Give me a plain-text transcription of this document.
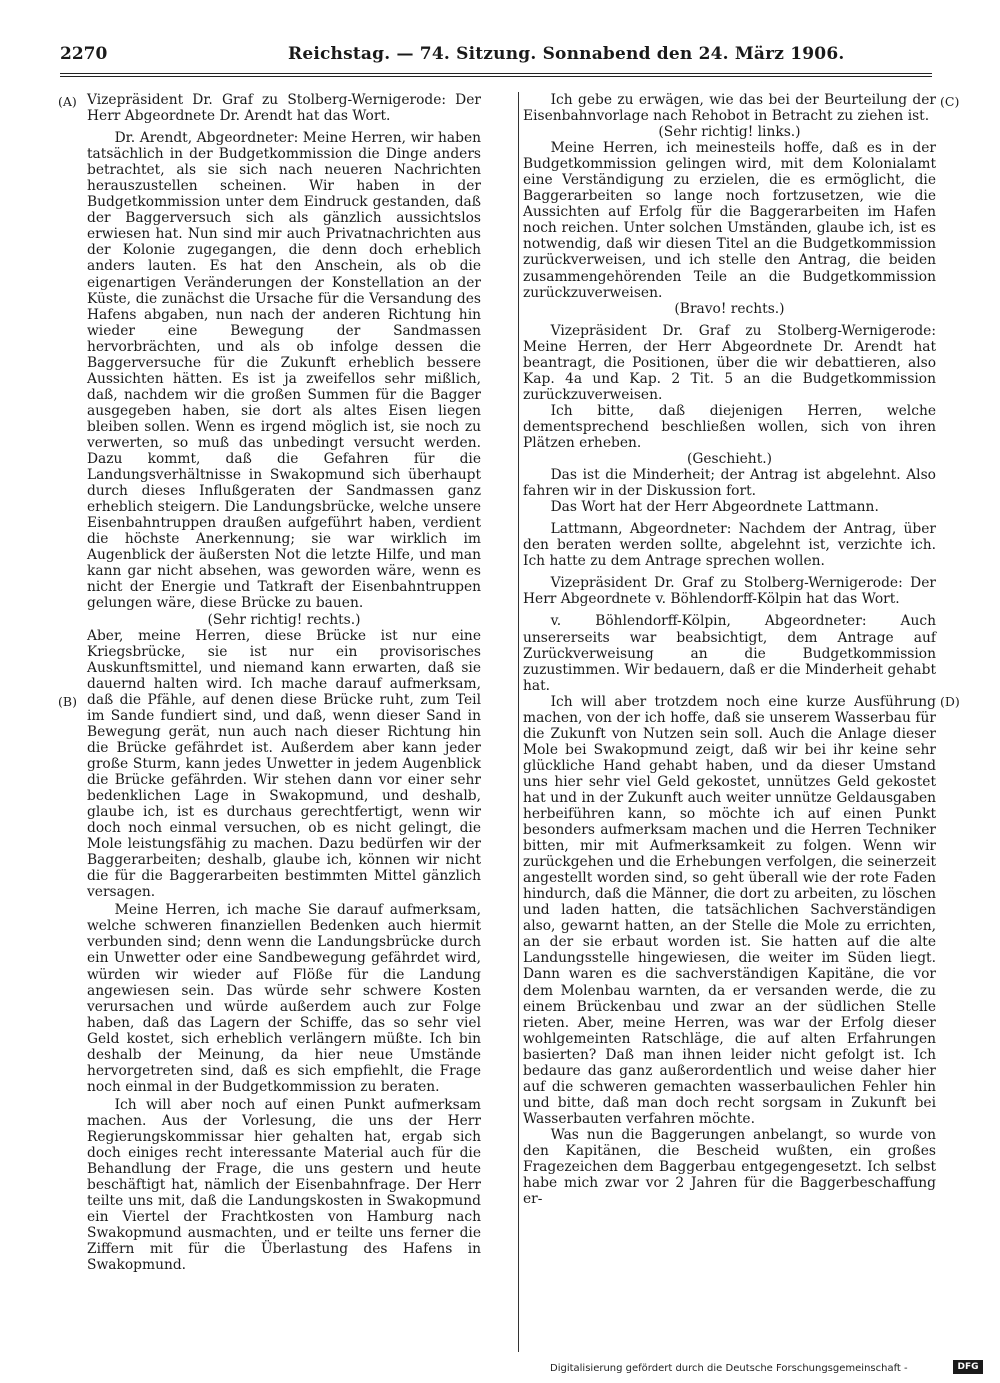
2270	Reichstag. — 74. Sitzung. Sonnabend den 24. März 1906.
(A)
(B)
(C)
(D)

Vizepräsident Dr. Graf zu Stolberg-Wernigerode: Der Herr Abgeordnete Dr. Arendt hat das Wort.

Dr. Arendt, Abgeordneter: Meine Herren, wir haben tatsächlich in der Budgetkommission die Dinge anders betrachtet, als sie sich nach neueren Nachrichten herauszustellen scheinen. Wir haben in der Budgetkommission unter dem Eindruck gestanden, daß der Baggerversuch sich als gänzlich aussichtslos erwiesen hat. Nun sind mir auch Privatnachrichten aus der Kolonie zugegangen, die denn doch erheblich anders lauten. Es hat den Anschein, als ob die eigenartigen Veränderungen der Konstellation an der Küste, die zunächst die Ursache für die Versandung des Hafens abgaben, nun nach der anderen Richtung hin wieder eine Bewegung der Sandmassen hervorbrächten, und als ob infolge dessen die Baggerversuche für die Zukunft erheblich bessere Aussichten hätten. Es ist ja zweifellos sehr mißlich, daß, nachdem wir die großen Summen für die Bagger ausgegeben haben, sie dort als altes Eisen liegen bleiben sollen. Wenn es irgend möglich ist, sie noch zu verwerten, so muß das unbedingt versucht werden. Dazu kommt, daß die Gefahren für die Landungsverhältnisse in Swakopmund sich überhaupt durch dieses Influßgeraten der Sandmassen ganz erheblich steigern. Die Landungsbrücke, welche unsere Eisenbahntruppen draußen aufgeführt haben, verdient die höchste Anerkennung; sie war wirklich im Augenblick der äußersten Not die letzte Hilfe, und man kann gar nicht absehen, was geworden wäre, wenn es nicht der Energie und Tatkraft der Eisenbahntruppen gelungen wäre, diese Brücke zu bauen.

(Sehr richtig! rechts.)

Aber, meine Herren, diese Brücke ist nur eine Kriegsbrücke, sie ist nur ein provisorisches Auskunftsmittel, und niemand kann erwarten, daß sie dauernd halten wird. Ich mache darauf aufmerksam, daß die Pfähle, auf denen diese Brücke ruht, zum Teil im Sande fundiert sind, und daß, wenn dieser Sand in Bewegung gerät, nun auch nach dieser Richtung hin die Brücke gefährdet ist. Außerdem aber kann jeder große Sturm, kann jedes Unwetter in jedem Augenblick die Brücke gefährden. Wir stehen dann vor einer sehr bedenklichen Lage in Swakopmund, und deshalb, glaube ich, ist es durchaus gerechtfertigt, wenn wir doch noch einmal versuchen, ob es nicht gelingt, die Mole leistungsfähig zu machen. Dazu bedürfen wir der Baggerarbeiten; deshalb, glaube ich, können wir nicht die für die Baggerarbeiten bestimmten Mittel gänzlich versagen.

Meine Herren, ich mache Sie darauf aufmerksam, welche schweren finanziellen Bedenken auch hiermit verbunden sind; denn wenn die Landungsbrücke durch ein Unwetter oder eine Sandbewegung gefährdet wird, würden wir wieder auf Flöße für die Landung angewiesen sein. Das würde sehr schwere Kosten verursachen und würde außerdem auch zur Folge haben, daß das Lagern der Schiffe, das so sehr viel Geld kostet, sich erheblich verlängern müßte. Ich bin deshalb der Meinung, da hier neue Umstände hervorgetreten sind, daß es sich empfiehlt, die Frage noch einmal in der Budgetkommission zu beraten.

Ich will aber noch auf einen Punkt aufmerksam machen. Aus der Vorlesung, die uns der Herr Regierungskommissar hier gehalten hat, ergab sich doch einiges recht interessante Material auch für die Behandlung der Frage, die uns gestern und heute beschäftigt hat, nämlich der Eisenbahnfrage. Der Herr teilte uns mit, daß die Landungskosten in Swakopmund ein Viertel der Frachtkosten von Hamburg nach Swakopmund ausmachten, und er teilte uns ferner die Ziffern mit für die Überlastung des Hafens in Swakopmund.

Ich gebe zu erwägen, wie das bei der Beurteilung der Eisenbahnvorlage nach Rehobot in Betracht zu ziehen ist.

(Sehr richtig! links.)

Meine Herren, ich meinesteils hoffe, daß es in der Budgetkommission gelingen wird, mit dem Kolonialamt eine Verständigung zu erzielen, die es ermöglicht, die Baggerarbeiten so lange noch fortzusetzen, wie die Aussichten auf Erfolg für die Baggerarbeiten im Hafen noch reichen. Unter solchen Umständen, glaube ich, ist es notwendig, daß wir diesen Titel an die Budgetkommission zurückverweisen, und ich stelle den Antrag, die beiden zusammengehörenden Teile an die Budgetkommission zurückzuverweisen.

(Bravo! rechts.)

Vizepräsident Dr. Graf zu Stolberg-Wernigerode: Meine Herren, der Herr Abgeordnete Dr. Arendt hat beantragt, die Positionen, über die wir debattieren, also Kap. 4a und Kap. 2 Tit. 5 an die Budgetkommission zurückzuverweisen.

Ich bitte, daß diejenigen Herren, welche dementsprechend beschließen wollen, sich von ihren Plätzen erheben.

(Geschieht.)

Das ist die Minderheit; der Antrag ist abgelehnt. Also fahren wir in der Diskussion fort.

Das Wort hat der Herr Abgeordnete Lattmann.

Lattmann, Abgeordneter: Nachdem der Antrag, über den beraten werden sollte, abgelehnt ist, verzichte ich. Ich hatte zu dem Antrage sprechen wollen.

Vizepräsident Dr. Graf zu Stolberg-Wernigerode: Der Herr Abgeordnete v. Böhlendorff-Kölpin hat das Wort.

v. Böhlendorff-Kölpin, Abgeordneter: Auch unsererseits war beabsichtigt, dem Antrage auf Zurückverweisung an die Budgetkommission zuzustimmen. Wir bedauern, daß er die Minderheit gehabt hat.

Ich will aber trotzdem noch eine kurze Ausführung machen, von der ich hoffe, daß sie unserem Wasserbau für die Zukunft von Nutzen sein soll. Auch die Anlage dieser Mole bei Swakopmund zeigt, daß wir bei ihr keine sehr glückliche Hand gehabt haben, und da dieser Umstand uns hier sehr viel Geld gekostet, unnützes Geld gekostet hat und in der Zukunft auch weiter unnütze Geldausgaben herbeiführen kann, so möchte ich auf einen Punkt besonders aufmerksam machen und die Herren Techniker bitten, mir mit Aufmerksamkeit zu folgen. Wenn wir zurückgehen und die Erhebungen verfolgen, die seinerzeit angestellt worden sind, so geht überall wie der rote Faden hindurch, daß die Männer, die dort zu arbeiten, zu löschen und laden hatten, die tatsächlichen Sachverständigen also, gewarnt hatten, an der Stelle die Mole zu errichten, an der sie erbaut worden ist. Sie hatten auf die alte Landungsstelle hingewiesen, die weiter im Süden liegt. Dann waren es die sachverständigen Kapitäne, die vor dem Molenbau warnten, da er versanden werde, die zu einem Brückenbau und zwar an der südlichen Stelle rieten. Aber, meine Herren, was war der Erfolg dieser wohlgemeinten Ratschläge, die auf alten Erfahrungen basierten? Daß man ihnen leider nicht gefolgt ist. Ich bedaure das ganz außerordentlich und weise daher hier auf die schweren gemachten wasserbaulichen Fehler hin und bitte, daß man doch recht sorgsam in Zukunft bei Wasserbauten verfahren möchte.

Was nun die Baggerungen anbelangt, so wurde von den Kapitänen, die Bescheid wußten, ein großes Fragezeichen dem Baggerbau entgegengesetzt. Ich selbst habe mich zwar vor 2 Jahren für die Baggerbeschaffung er-

Digitalisierung gefördert durch die Deutsche Forschungsgemeinschaft -	DFG
